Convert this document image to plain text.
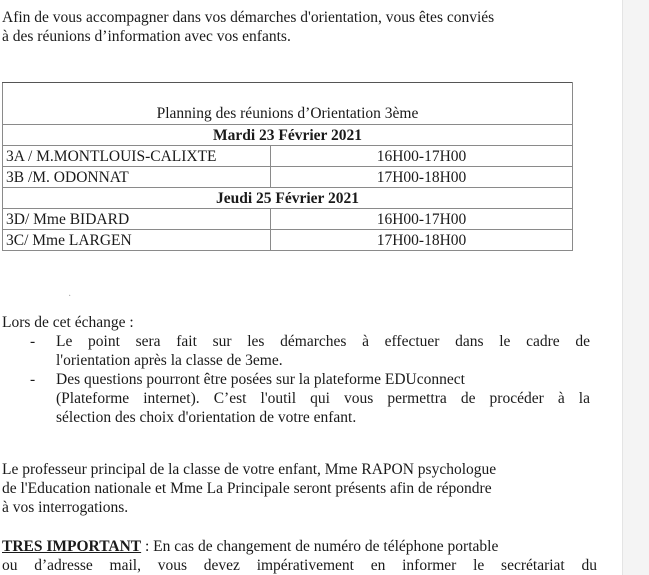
Afin de vous accompagner dans vos démarches d'orientation, vous êtes conviés

à des réunions d’information avec vos enfants.

Planning des réunions d’Orientation 3ème	
Mardi 23 Février 2021	
3A / M.MONTLOUIS-CALIXTE	16H00-17H00
3B /M. ODONNAT	17H00-18H00
Jeudi 25 Février 2021	
3D/ Mme BIDARD	16H00-17H00
3C/ Mme LARGEN	17H00-18H00
·

Lors de cet échange :

- Le point sera fait sur les démarches à effectuer dans le cadre de
l'orientation après la classe de 3eme.
- Des questions pourront être posées sur la plateforme EDUconnect
(Plateforme internet). C’est l'outil qui vous permettra de procéder à la
sélection des choix d'orientation de votre enfant.

Le professeur principal de la classe de votre enfant, Mme RAPON psychologue

de l'Education nationale et Mme La Principale seront présents afin de répondre

à vos interrogations.

TRES IMPORTANT : En cas de changement de numéro de téléphone portable

ou d’adresse mail, vous devez impérativement en informer le secrétariat du
